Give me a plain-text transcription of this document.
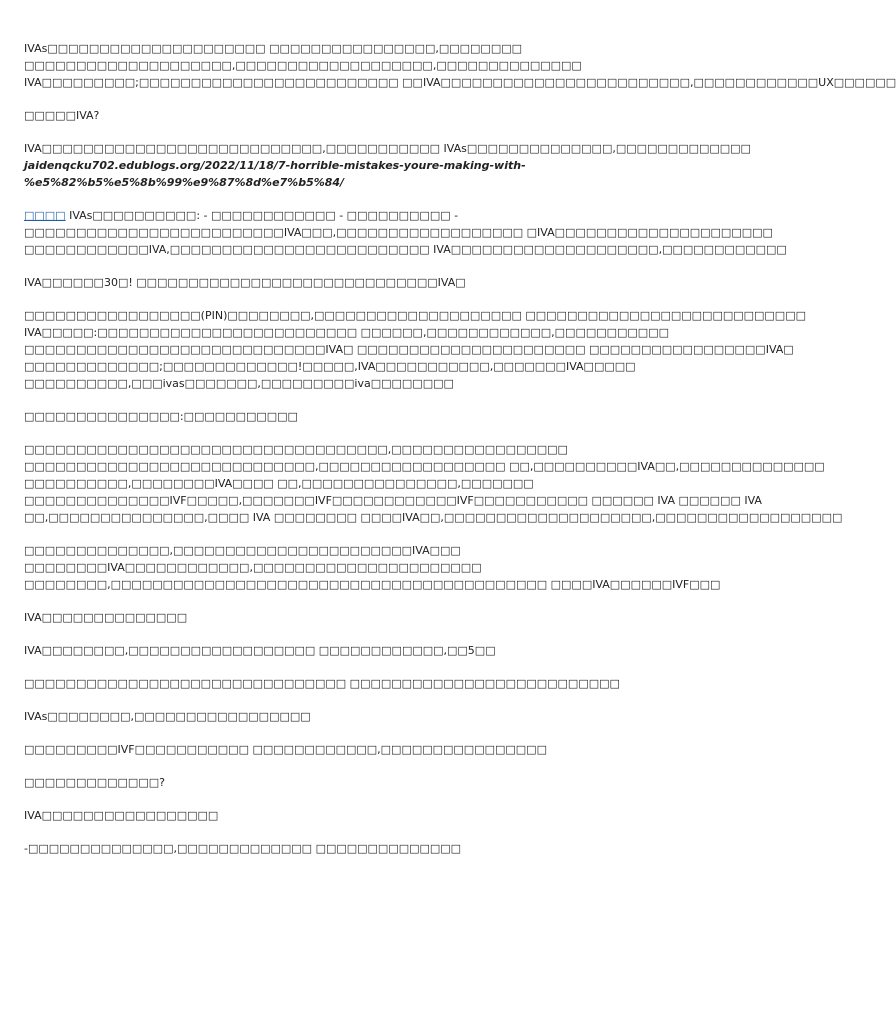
IVAs□□□□□□□□□□□□□□□□□□□□□ □□□□□□□□□□□□□□□□,□□□□□□□□
□□□□□□□□□□□□□□□□□□□□,□□□□□□□□□□□□□□□□□□□,□□□□□□□□□□□□□□
IVA□□□□□□□□□;□□□□□□□□□□□□□□□□□□□□□□□□□ □□IVA□□□□□□□□□□□□□□□□□□□□□□□□,□□□□□□□□□□□□UX□□□□□□
□□□□□IVA?
IVA□□□□□□□□□□□□□□□□□□□□□□□□□□□,□□□□□□□□□□□ IVAs□□□□□□□□□□□□□□,□□□□□□□□□□□□□
jaidenqcku702.edublogs.org/2022/11/18/7-horrible-mistakes-youre-making-with-
%e5%82%b5%e5%8b%99%e9%87%8d%e7%b5%84/
□□□□ IVAs□□□□□□□□□□: - □□□□□□□□□□□□ - □□□□□□□□□□ -
□□□□□□□□□□□□□□□□□□□□□□□□□IVA□□□,□□□□□□□□□□□□□□□□□□ □IVA□□□□□□□□□□□□□□□□□□□□□
□□□□□□□□□□□□IVA,□□□□□□□□□□□□□□□□□□□□□□□□□ IVA□□□□□□□□□□□□□□□□□□□□,□□□□□□□□□□□□
IVA□□□□□□30□! □□□□□□□□□□□□□□□□□□□□□□□□□□□□□IVA□
□□□□□□□□□□□□□□□□□(PIN)□□□□□□□□,□□□□□□□□□□□□□□□□□□□□ □□□□□□□□□□□□□□□□□□□□□□□□□□□
IVA□□□□□:□□□□□□□□□□□□□□□□□□□□□□□□□ □□□□□□,□□□□□□□□□□□□,□□□□□□□□□□□
□□□□□□□□□□□□□□□□□□□□□□□□□□□□□IVA□ □□□□□□□□□□□□□□□□□□□□□□ □□□□□□□□□□□□□□□□□IVA□
□□□□□□□□□□□□□;□□□□□□□□□□□□□!□□□□□,IVA□□□□□□□□□□□,□□□□□□□IVA□□□□□
□□□□□□□□□□,□□□ivas□□□□□□□,□□□□□□□□□iva□□□□□□□□
□□□□□□□□□□□□□□□:□□□□□□□□□□□
□□□□□□□□□□□□□□□□□□□□□□□□□□□□□□□□□□□,□□□□□□□□□□□□□□□□□
□□□□□□□□□□□□□□□□□□□□□□□□□□□□,□□□□□□□□□□□□□□□□□□ □□,□□□□□□□□□□IVA□□,□□□□□□□□□□□□□□
□□□□□□□□□□,□□□□□□□□IVA□□□□ □□,□□□□□□□□□□□□□□□,□□□□□□□
□□□□□□□□□□□□□□IVF□□□□□,□□□□□□□IVF□□□□□□□□□□□□IVF□□□□□□□□□□□ □□□□□□ IVA □□□□□□ IVA
□□,□□□□□□□□□□□□□□□,□□□□ IVA □□□□□□□□ □□□□IVA□□,□□□□□□□□□□□□□□□□□□□□,□□□□□□□□□□□□□□□□□□
□□□□□□□□□□□□□□,□□□□□□□□□□□□□□□□□□□□□□□IVA□□□
□□□□□□□□IVA□□□□□□□□□□□□,□□□□□□□□□□□□□□□□□□□□□□
□□□□□□□□,□□□□□□□□□□□□□□□□□□□□□□□□□□□□□□□□□□□□□□□□□□ □□□□IVA□□□□□□IVF□□□
IVA□□□□□□□□□□□□□□
IVA□□□□□□□□,□□□□□□□□□□□□□□□□□□ □□□□□□□□□□□□,□□5□□
□□□□□□□□□□□□□□□□□□□□□□□□□□□□□□□ □□□□□□□□□□□□□□□□□□□□□□□□□□
IVAs□□□□□□□□,□□□□□□□□□□□□□□□□□
□□□□□□□□□IVF□□□□□□□□□□□ □□□□□□□□□□□□,□□□□□□□□□□□□□□□□
□□□□□□□□□□□□□?
IVA□□□□□□□□□□□□□□□□□
-□□□□□□□□□□□□□□,□□□□□□□□□□□□□ □□□□□□□□□□□□□□
